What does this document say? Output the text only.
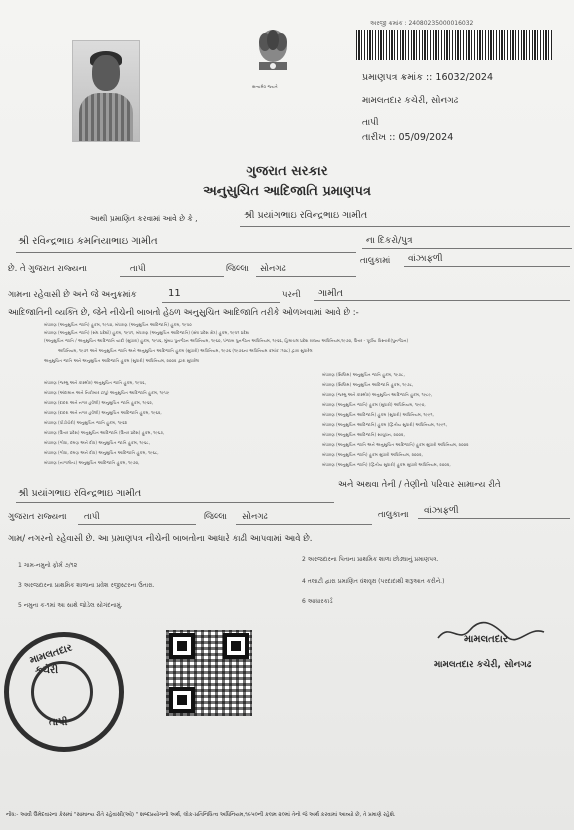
સત્યમેવ જયતે
અરજી ક્રમાંક : 24080235000016032
પ્રમાણપત્ર ક્રમાંક :: 16032/2024
મામલતદાર કચેરી, સોનગઢ
તાપી
તારીખ :: 05/09/2024
ગુજરાત સરકાર
અનુસુચિત આદિજાતિ પ્રમાણપત્ર
આથી પ્રમાણિત કરવામાં આવે છે કે ,	શ્રી પ્રયાંગભાઇ રવિન્દ્રભાઇ ગામીત
શ્રી રવિન્દ્રભાઇ કમનિયાભાઇ ગામીત	ના દિકરો/પુત્ર
છે. તે ગુજરાત રાજ્યના	તાપી	જિલ્લા સોનગઢ
તાલુકામાં વાંઝાફળી
ગામના રહેવાસી છે અને જે અનુક્રમાંક	11	પરની ગામીત
આદિજાતિની વ્યક્તિ છે, જેને નીચેની બાબતો હેઠળ અનુસુચિત આદિજાતિ તરીકે ઓળખવામાં આવે છે :-
બંધારણ (અનુસુચિત જાતિ) હુકમ, ૧૯૫૦, બંધારણ (અનુસુચિત આદિજાતિ) હુકમ, ૧૯૫૦
બંધારણ (અનુસુચિત જાતિ) (સંઘ પ્રદેશો) હુકમ, ૧૯૫૧, બંધારણ (અનુસુચિત આદિજાતિ) (સંઘ પ્રદેશ ક્ષેત્ર) હુકમ, ૧૯૫૧ પ્રદેશ
(અનુસુચિત જાતિ / અનુસુચિત આદિજાતિ યાદી (સુધારા) હુકમ, ૧૯૫૬, મુંબઇ પુનર્ગઠન અધિનિયમ, ૧૯૬૦, પંજાબ પુનર્ગઠન અધિનિયમ, ૧૯૬૬, હિમાચલ પ્રદેશ રાજ્ય અધિનિયમ,૧૯૭૦, ઉત્તર - પૂર્વીય વિસ્તારો(પુનર્ગઠન)
અધિનિયમ, ૧૯૭૧ અને અનુસુચિત જાતિ અને અનુસુચિત આદિજાતિ હુકમ (સુધારો) અધિનિયમ, ૧૯૭૬ (૧૯૭૬ના અધિનિયમ ક્રમાંક :૧૦૮) દ્વારા સુધારેલ
અનુસુચિત જાતિ અને અનુસુચિત આદિજાતિ હુકમ (સુધારો) અધિનિયમ, ૨૦૦૨ દ્વારા સુધારેલ
બંધારણ (જમ્મુ અને કાશ્મીર) અનુસુચિત જાતિ હુકમ, ૧૯૫૬,
બંધારણ (અંદામાન અને નિકોબાર ટાપુ) અનુસુચિત આદિજાતિ હુકમ, ૧૯૫૯
બંધારણ (દાદરા અને નગર હવેલી) અનુસુચિત જાતિ હુકમ, ૧૯૬૨,
બંધારણ (દાદરા અને નગર હવેલી) અનુસુચિત આદિજાતિ હુકમ, ૧૯૬૨,
બંધારણ (પોંડીચેરી) અનુસુચિત જાતિ હુકમ, ૧૯૬૪
બંધારણ (ઉત્તર પ્રદેશ) અનુસુચિત આદિજાતિ (ઉત્તર પ્રદેશ) હુકમ, ૧૯૬૭,
બંધારણ (ગોવા, દમણ અને દીવ) અનુસુચિત જાતિ હુકમ, ૧૯૬૮,
બંધારણ (ગોવા, દમણ અને દીવ) અનુસુચિત આદિજાતિ હુકમ, ૧૯૬૮,
બંધારણ (નાગાલેન્ડ) અનુસુચિત આદિજાતિ હુકમ, ૧૯૭૦,
બંધારણ (સિક્કિમ) અનુસુચિત જાતિ હુકમ, ૧૯૭૮,
બંધારણ (સિક્કિમ) અનુસુચિત આદિજાતિ હુકમ, ૧૯૭૮,
બંધારણ (જમ્મુ અને કાશ્મીર) અનુસુચિત આદિજાતિ હુકમ, ૧૯૮૯,
બંધારણ (અનુસુચિત જાતિ) હુકમ (સુધારો) અધિનિયમ, ૧૯૯૦,
બંધારણ (અનુસુચિત આદિજાતિ) હુકમ (સુધારો) અધિનિયમ, ૧૯૯૧,
બંધારણ (અનુસુચિત આદિજાતિ) હુકમ (દ્વિતીય સુધારો) અધિનિયમ, ૧૯૯૧,
બંધારણ (અનુસુચિત આદિજાતિ) સાચુધન, ૨૦૦૨,
બંધારણ (અનુસુચિત જાતિ અને અનુસુચિત આદિજાતિ) હુકમ સુધારો અધિનિયમ, ૨૦૦૨
બંધારણ (અનુસુચિત જાતિ) હુકમ સુધારો અધિનિયમ, ૨૦૦૨,
બંધારણ (અનુસુચિત જાતિ) (દ્વિતીય સુધારો) હુકમ સુધારો અધિનિયમ, ૨૦૦૨,
શ્રી પ્રયાંગભાઇ રવિન્દ્રભાઇ ગામીત
અને અથવા તેની / તેણીનો પરિવાર સામાન્ય રીતે
ગુજરાત રાજ્યના તાપી	જિલ્લા સોનગઢ	તાલુકાના વાંઝાફળી
ગામ/ નગરનો રહેવાસી છે. આ પ્રમાણપત્ર નીચેની બાબતોના આધારે કાઢી આપવામાં આવે છે.
1 ગામ-નમુનો ફોર્મ ૭/૧૨
2 અરજદારના પિતાના પ્રાથમિક શાળા છોડ્યાનું પ્રમાણપત્ર.
3 અરજદારના પ્રાથમિક શાળાના પ્રવેશ રજીસ્ટરના ઉતારા.
4 તલાટી દ્વારા પ્રમાણિત વંશવૃક્ષ (પરદાદાથી શરૂઆત કરીને.)
5 નમુના ક-૧માં આ સાથે જોડેલ સોગંદનામું.
6 આધારકાર્ડ
મામલતદાર
કચેરી
તાપી
મામલતદાર
મામલતદાર કચેરી, સોનગઢ
નોંધ:- આવી ઉમેદવારના કેસમાં "સામાન્ય રીતે રહેવાસી(ઓ) " શબ્દપ્રયોગનો અર્થ, લોક-પ્રતિનિધિત્વ અધિનિયમ,૧૯૫૦ની કલમ ૨૦માં તેનો જે અર્થ કરવામાં આવ્યો છે, તે પ્રમાણે રહેશે.
